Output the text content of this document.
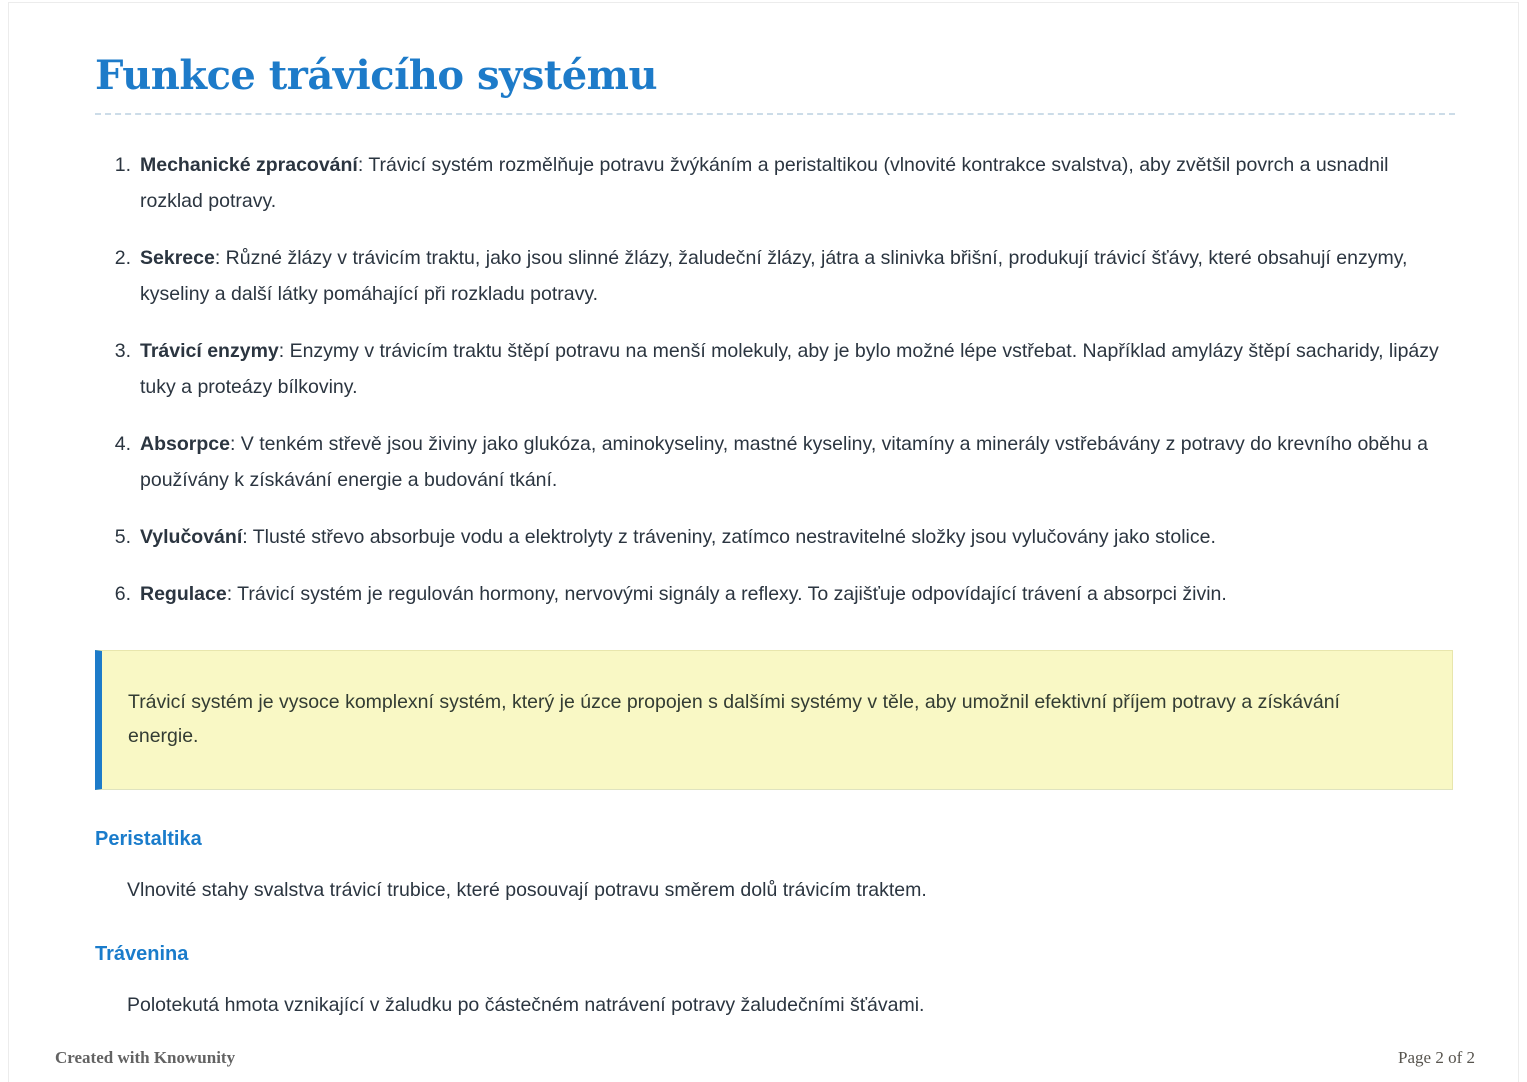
Funkce trávicího systému
1. Mechanické zpracování: Trávicí systém rozmělňuje potravu žvýkáním a peristaltikou (vlnovité kontrakce svalstva), aby zvětšil povrch a usnadnil rozklad potravy.

2. Sekrece: Různé žlázy v trávicím traktu, jako jsou slinné žlázy, žaludeční žlázy, játra a slinivka břišní, produkují trávicí šťávy, které obsahují enzymy, kyseliny a další látky pomáhající při rozkladu potravy.

3. Trávicí enzymy: Enzymy v trávicím traktu štěpí potravu na menší molekuly, aby je bylo možné lépe vstřebat. Například amylázy štěpí sacharidy, lipázy tuky a proteázy bílkoviny.

4. Absorpce: V tenkém střevě jsou živiny jako glukóza, aminokyseliny, mastné kyseliny, vitamíny a minerály vstřebávány z potravy do krevního oběhu a používány k získávání energie a budování tkání.

5. Vylučování: Tlusté střevo absorbuje vodu a elektrolyty z tráveniny, zatímco nestravitelné složky jsou vylučovány jako stolice.

6. Regulace: Trávicí systém je regulován hormony, nervovými signály a reflexy. To zajišťuje odpovídající trávení a absorpci živin.

Trávicí systém je vysoce komplexní systém, který je úzce propojen s dalšími systémy v těle, aby umožnil efektivní příjem potravy a získávání energie.

Peristaltika

Vlnovité stahy svalstva trávicí trubice, které posouvají potravu směrem dolů trávicím traktem.

Trávenina

Polotekutá hmota vznikající v žaludku po částečném natrávení potravy žaludečními šťávami.

Created with Knowunity	Page 2 of 2
